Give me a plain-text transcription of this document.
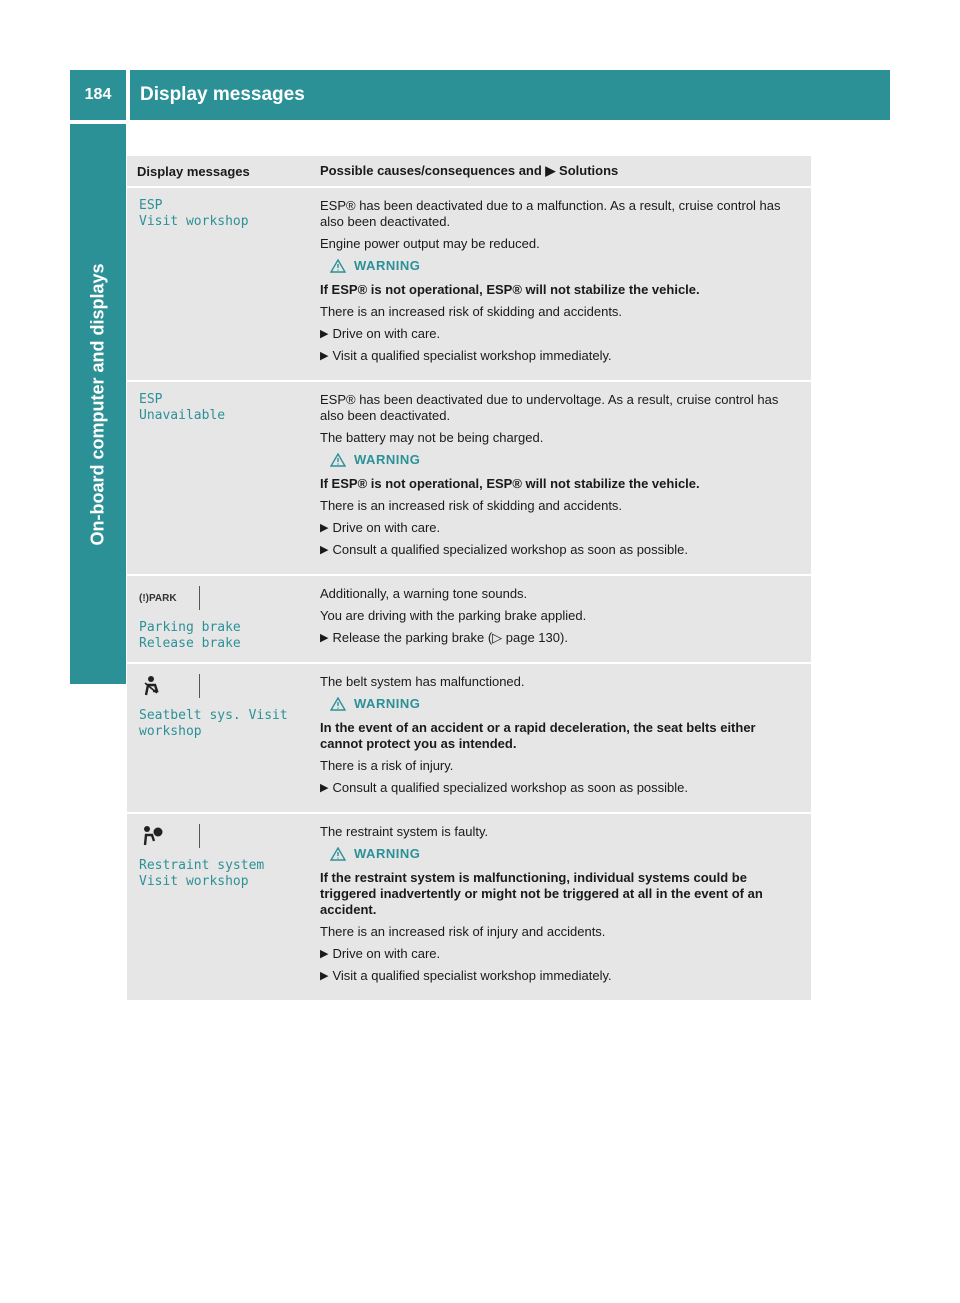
184	Display messages
On-board computer and displays
Display messages	Possible causes/consequences and ▶ Solutions
ESP
Visit workshop

ESP® has been deactivated due to a malfunction. As a result, cruise control has also been deactivated.

Engine power output may be reduced.

WARNING

If ESP® is not operational, ESP® will not stabilize the vehicle.

There is an increased risk of skidding and accidents.

▶ Drive on with care.
▶ Visit a qualified specialist workshop immediately.
ESP
Unavailable

ESP® has been deactivated due to undervoltage. As a result, cruise control has also been deactivated.

The battery may not be being charged.

WARNING

If ESP® is not operational, ESP® will not stabilize the vehicle.

There is an increased risk of skidding and accidents.

▶ Drive on with care.
▶ Consult a qualified specialized workshop as soon as possible.
(!)PARK
Parking brake
Release brake

Additionally, a warning tone sounds.

You are driving with the parking brake applied.

▶ Release the parking brake (▷ page 130).
Seatbelt sys. Visit
workshop

The belt system has malfunctioned.

WARNING

In the event of an accident or a rapid deceleration, the seat belts either cannot protect you as intended.

There is a risk of injury.

▶ Consult a qualified specialized workshop as soon as possible.
Restraint system
Visit workshop

The restraint system is faulty.

WARNING

If the restraint system is malfunctioning, individual systems could be triggered inadvertently or might not be triggered at all in the event of an accident.

There is an increased risk of injury and accidents.

▶ Drive on with care.
▶ Visit a qualified specialist workshop immediately.
